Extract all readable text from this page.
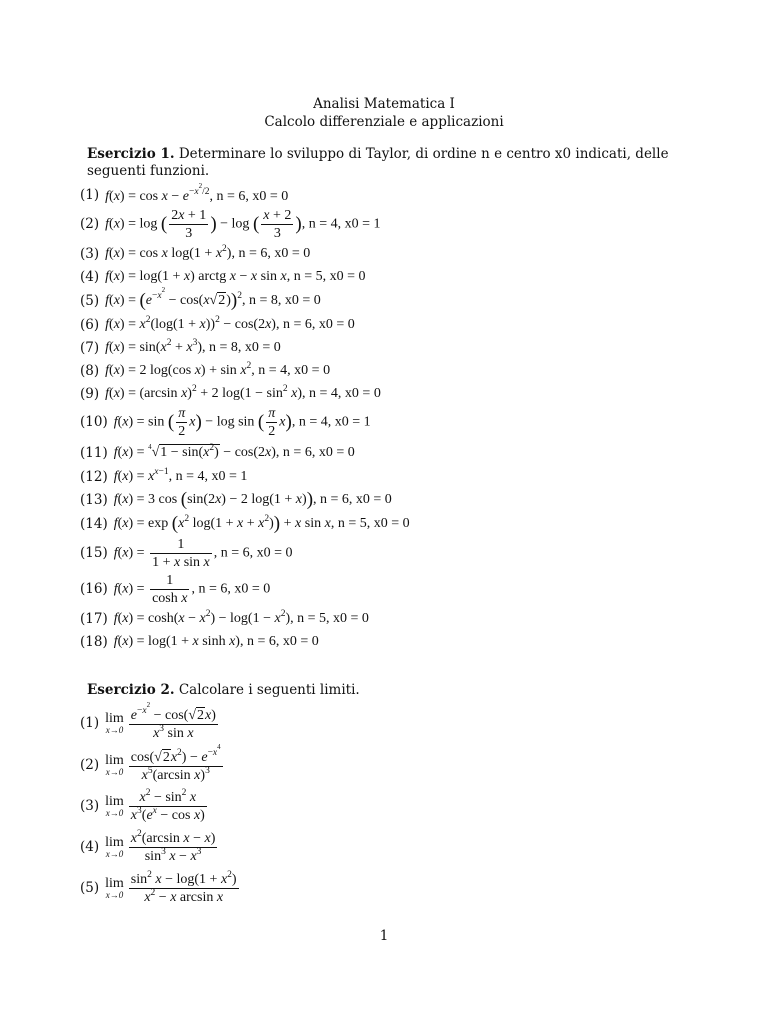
Analisi Matematica I
Calcolo differenziale e applicazioni
Esercizio 1. Determinare lo sviluppo di Taylor, di ordine n e centro x0 indicati, delle seguenti funzioni.
(1) $f(x) = \cos x - e^{-x^2/2}$, n = 6, x0 = 0
(2) f(x) = log ( $\frac{2x + 1}{3}$ ) − log ( $\frac{x + 2}{3}$ ), n = 4, x0 = 1
(3) f(x) = cos x $\log(1 + x^2)$, n = 6, x0 = 0
(4) f(x) = log(1 + x) arctg x − x sin x, n = 5, x0 = 0
(5) $f(x) = (e^{-x^2} - \cos(x√2))^2$, n = 8, x0 = 0
(6) $f(x) = x^2(\log(1 + x))^2 - \cos(2x)$, n = 6, x0 = 0
(7) $f(x) = \sin(x^2 + x^3)$, n = 8, x0 = 0
(8) f(x) = 2 log(cos $x) + \sin x^2$, n = 4, x0 = 0
(9) f(x) = (arcsin x)$^2$ + 2 $\log(1 - \sin^2 x)$, n = 4, x0 = 0
(10) f(x) = sin ( $\frac{\pi}{2} x) - \log \sin$ ( $\frac{\pi}{2} x$), n = 4, x0 = 1
(11) $f(x) = ^4√1 - \sin(x^2) - \cos(2x)$, n = 6, x0 = 0
(12) $f(x) = x^{x-1}$, n = 4, x0 = 1
(13) f(x) = 3 cos (sin(2x) − 2 log(1 + x)), n = 6, x0 = 0
(14) $f(x) = \exp (x^2$ $\log(1 + x + x^2)) + x$ sin x, n = 5, x0 = 0
(15) $f(x) = \frac{1}{\text{1 + x sin x}}$ , n = 6, x0 = 0
(16) $f(x) = \frac{1}{\text{cosh x}}$ , n = 6, x0 = 0
(17) $f(x) = \cosh(x - x^2) - \log(1 - x^2)$, n = 5, x0 = 0
(18) f(x) = log(1 + x sinh x), n = 6, x0 = 0
Esercizio 2. Calcolare i seguenti limiti.
(1) lim
$x\to 0 \frac{e^{-x^2} - \cos(√2x)}{x^3 \sin x}$
(2) lim
$x\to 0 \frac{\cos(√2x^2) - e^{-x^4}}{x^5(\arcsin x)^3}$
(3) lim
$x\to 0 \frac{x^2 - \sin^2 x}{x^3(e^x - \cos x)}$
(4) lim
$x\to 0 \frac{x^2(\arcsin x - x)}{\sin^3 x - x^3}$
(5) lim
$x\to 0 \frac{\sin^2 x - \log(1 + x^2)}{x^2 - x \arcsin x}$
1
